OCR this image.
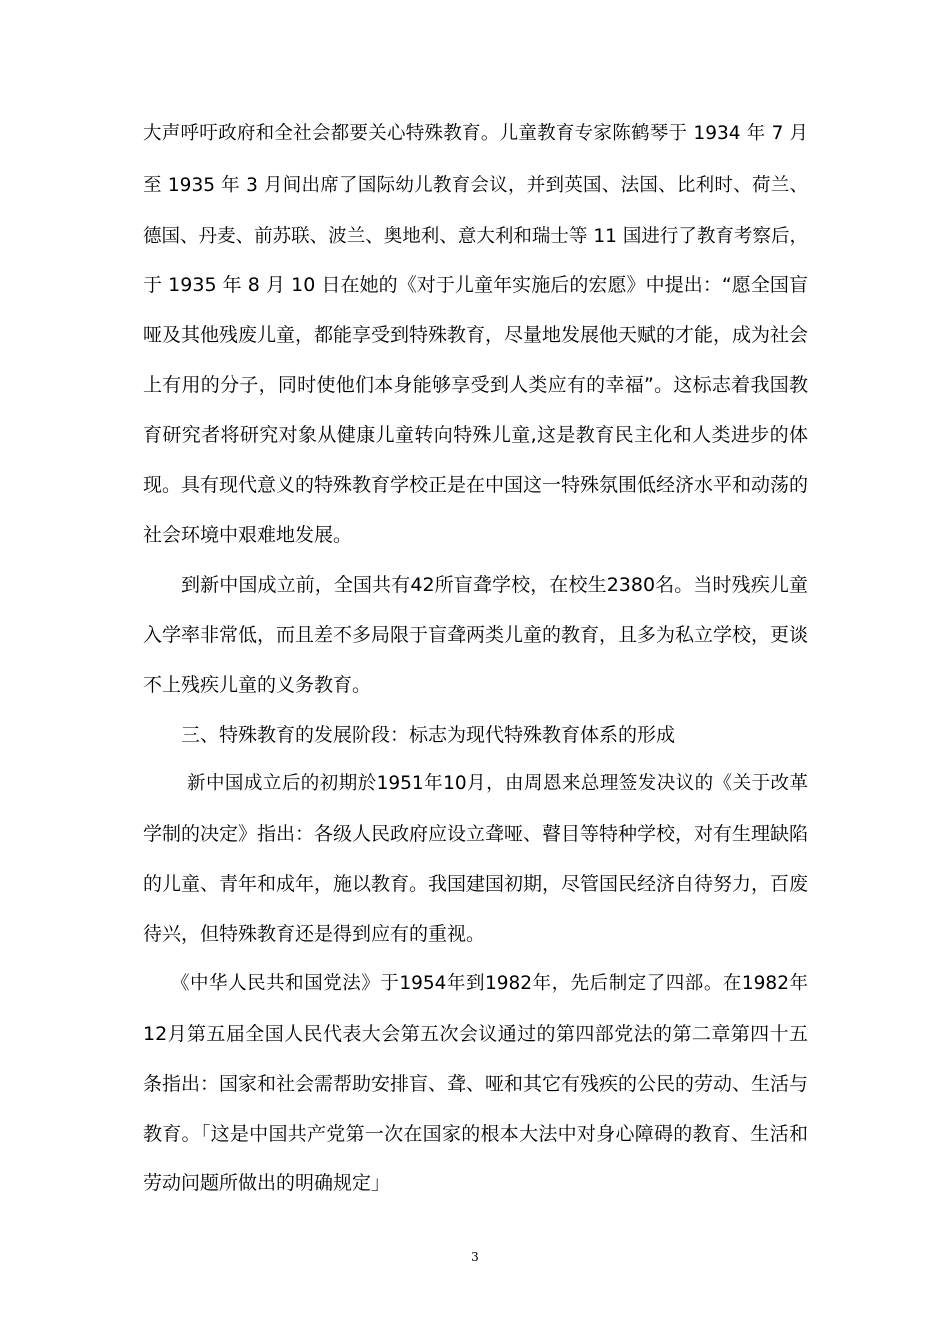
大声呼吁政府和全社会都要关心特殊教育。儿童教育专家陈鹤琴于 1934 年 7 月
至 1935 年 3 月间出席了国际幼儿教育会议，并到英国、法国、比利时、荷兰、
德国、丹麦、前苏联、波兰、奥地利、意大利和瑞士等 11 国进行了教育考察后，
于 1935 年 8 月 10 日在她的《对于儿童年实施后的宏愿》中提出：“愿全国盲
哑及其他残废儿童，都能享受到特殊教育，尽量地发展他天赋的才能，成为社会
上有用的分子，同时使他们本身能够享受到人类应有的幸福”。这标志着我国教
育研究者将研究对象从健康儿童转向特殊儿童,这是教育民主化和人类进步的体
现。具有现代意义的特殊教育学校正是在中国这一特殊氛围低经济水平和动荡的
社会环境中艰难地发展。
到新中国成立前，全国共有42所盲聋学校，在校生2380名。当时残疾儿童
入学率非常低，而且差不多局限于盲聋两类儿童的教育，且多为私立学校，更谈
不上残疾儿童的义务教育。
三、特殊教育的发展阶段：标志为现代特殊教育体系的形成
新中国成立后的初期於1951年10月，由周恩来总理签发决议的《关于改革
学制的决定》指出：各级人民政府应设立聋哑、瞽目等特种学校，对有生理缺陷
的儿童、青年和成年，施以教育。我国建国初期，尽管国民经济自待努力，百废
待兴，但特殊教育还是得到应有的重视。
《中华人民共和国党法》于1954年到1982年，先后制定了四部。在1982年
12月第五届全国人民代表大会第五次会议通过的第四部党法的第二章第四十五
条指出：国家和社会需帮助安排盲、聋、哑和其它有残疾的公民的劳动、生活与
教育。「这是中国共产党第一次在国家的根本大法中对身心障碍的教育、生活和
劳动问题所做出的明确规定」
3
